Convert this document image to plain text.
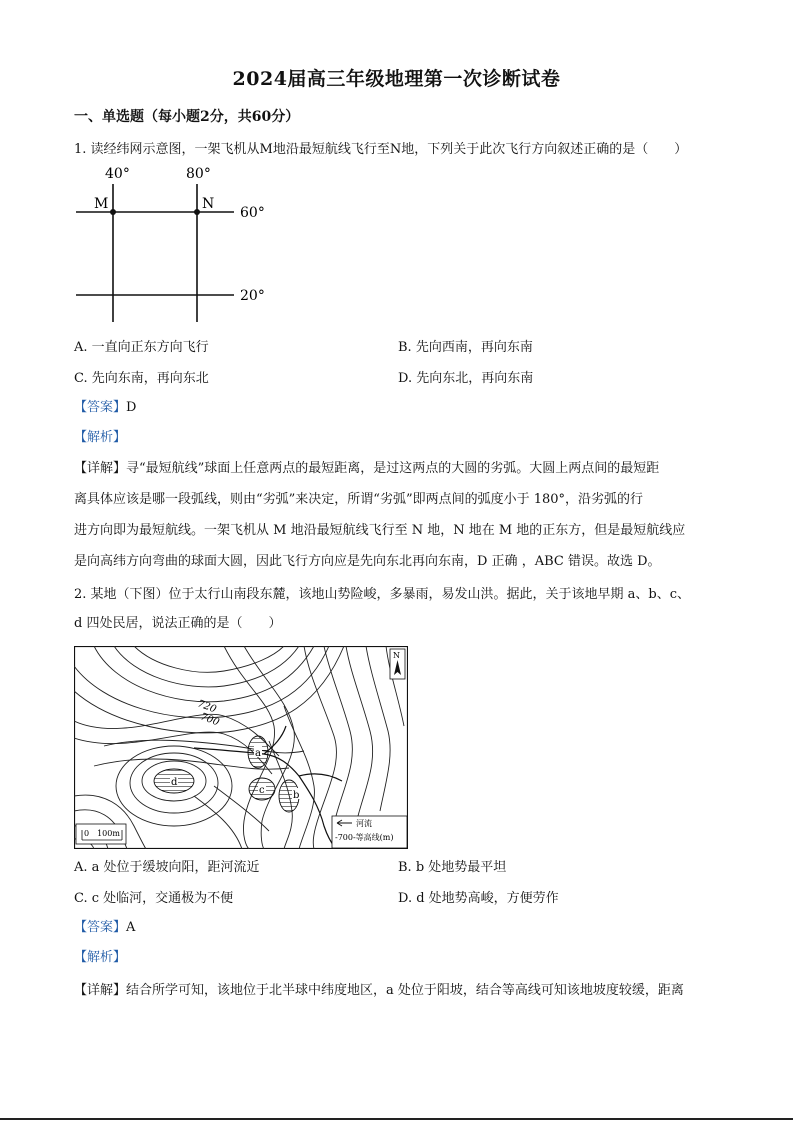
2024届高三年级地理第一次诊断试卷
一、单选题（每小题2分，共60分）
1. 读经纬网示意图，一架飞机从M地沿最短航线飞行至N地，下列关于此次飞行方向叙述正确的是（　　）
40°	80°
M	N
60°
20°
A. 一直向正东方向飞行	B. 先向西南，再向东南
C. 先向东南，再向东北	D. 先向东北，再向东南
【答案】D
【解析】
【详解】寻“最短航线”球面上任意两点的最短距离，是过这两点的大圆的劣弧。大圆上两点间的最短距
离具体应该是哪一段弧线，则由“劣弧”来决定，所谓“劣弧”即两点间的弧度小于 180°，沿劣弧的行
进方向即为最短航线。一架飞机从 M 地沿最短航线飞行至 N 地，N 地在 M 地的正东方，但是最短航线应
是向高纬方向弯曲的球面大圆，因此飞行方向应是先向东北再向东南，D 正确 ，ABC 错误。故选 D。
2. 某地（下图）位于太行山南段东麓，该地山势险峻，多暴雨，易发山洪。据此，关于该地早期 a、b、c、
d 四处民居，说法正确的是（　　）
a
b
c
d
720
700
N
0　100m
河流
-700-等高线(m)
A. a 处位于缓坡向阳，距河流近	B. b 处地势最平坦
C. c 处临河，交通极为不便	D. d 处地势高峻，方便劳作
【答案】A
【解析】
【详解】结合所学可知，该地位于北半球中纬度地区，a 处位于阳坡，结合等高线可知该地坡度较缓，距离
